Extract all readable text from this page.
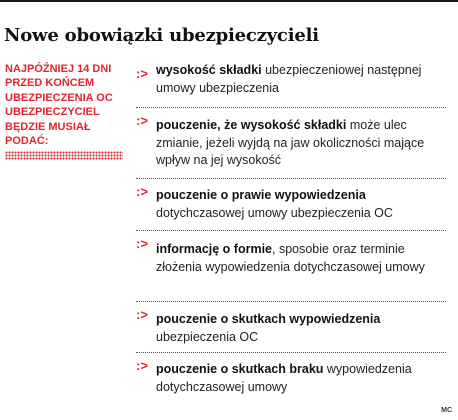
Nowe obowiązki ubezpieczycieli
NAJPÓŹNIEJ 14 DNI PRZED KOŃCEM UBEZPIECZENIA OC UBEZPIECZYCIEL BĘDZIE MUSIAŁ PODAĆ:
:> wysokość składki ubezpieczeniowej następnej umowy ubezpieczenia
:> pouczenie, że wysokość składki może ulec zmianie, jeżeli wyjdą na jaw okoliczności mające wpływ na jej wysokość
:> pouczenie o prawie wypowiedzenia dotychczasowej umowy ubezpieczenia OC
:> informację o formie, sposobie oraz terminie złożenia wypowiedzenia dotychczasowej umowy
:> pouczenie o skutkach wypowiedzenia ubezpieczenia OC
:> pouczenie o skutkach braku wypowiedzenia dotychczasowej umowy
MC
